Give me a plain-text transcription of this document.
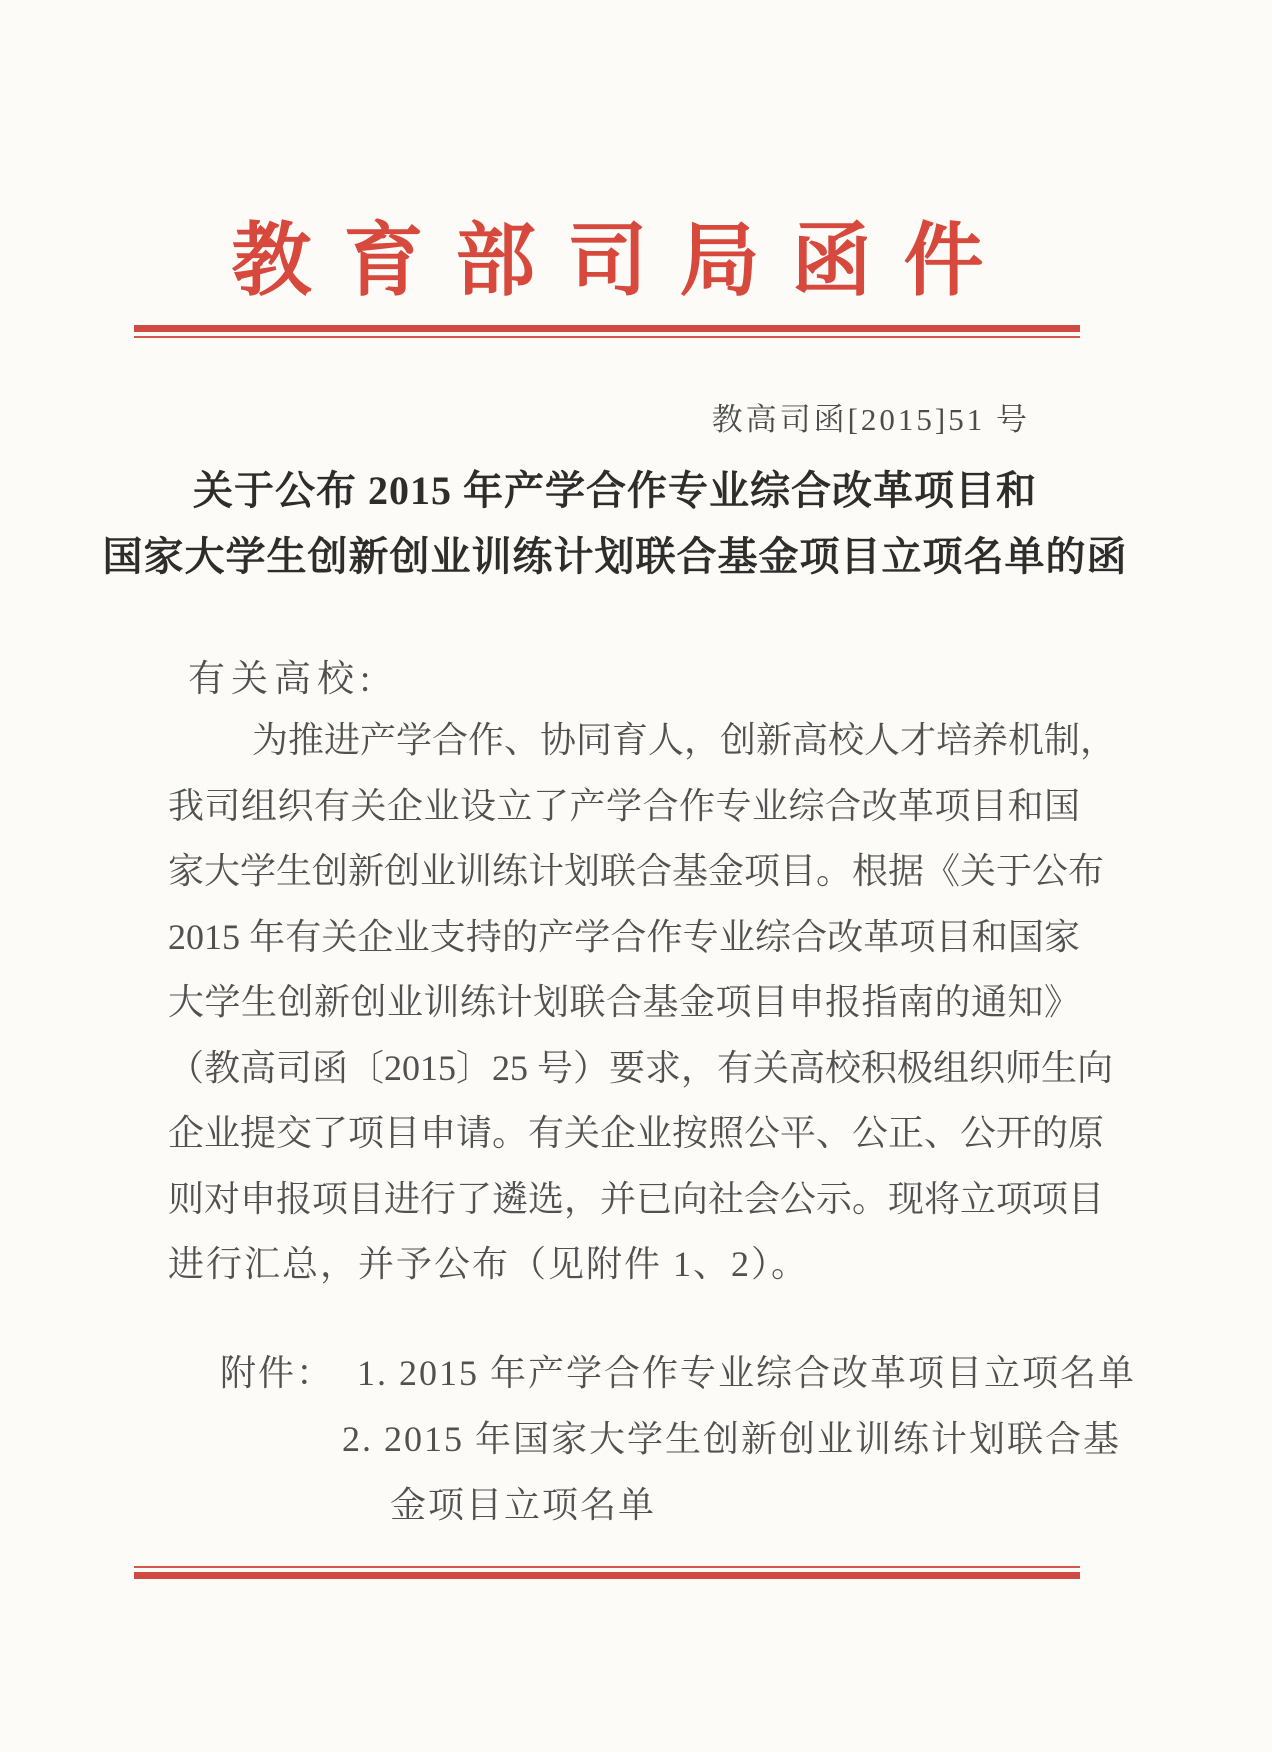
教育部司局函件
教高司函[2015]51 号
关于公布 2015 年产学合作专业综合改革项目和
国家大学生创新创业训练计划联合基金项目立项名单的函
有关高校:
为推进产学合作、协同育人，创新高校人才培养机制，
我司组织有关企业设立了产学合作专业综合改革项目和国
家大学生创新创业训练计划联合基金项目。根据《关于公布
2015 年有关企业支持的产学合作专业综合改革项目和国家
大学生创新创业训练计划联合基金项目申报指南的通知》
（教高司函〔2015〕25 号）要求，有关高校积极组织师生向
企业提交了项目申请。有关企业按照公平、公正、公开的原
则对申报项目进行了遴选，并已向社会公示。现将立项项目
进行汇总，并予公布（见附件 1、2）。
附件： 1. 2015 年产学合作专业综合改革项目立项名单
2. 2015 年国家大学生创新创业训练计划联合基
金项目立项名单
